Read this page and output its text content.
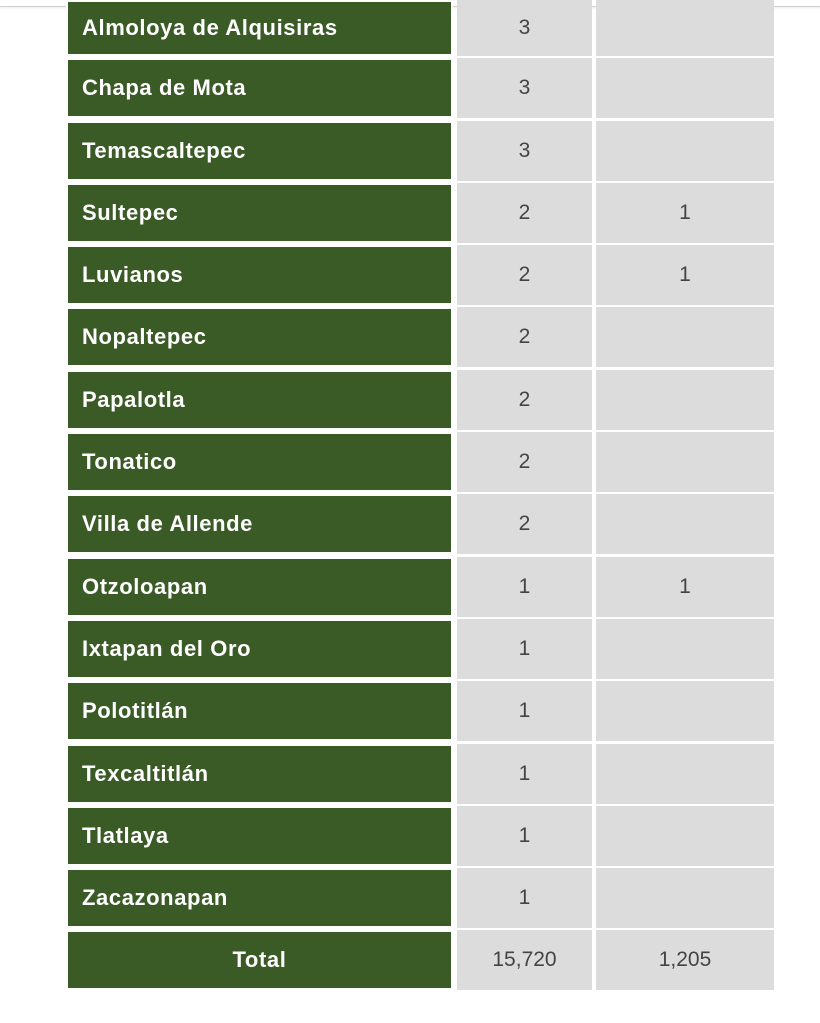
Almoloya de Alquisiras	3
Chapa de Mota	3
Temascaltepec	3
Sultepec	2	1
Luvianos	2	1
Nopaltepec	2
Papalotla	2
Tonatico	2
Villa de Allende	2
Otzoloapan	1	1
Ixtapan del Oro	1
Polotitlán	1
Texcaltitlán	1
Tlatlaya	1
Zacazonapan	1
Total	15,720	1,205
